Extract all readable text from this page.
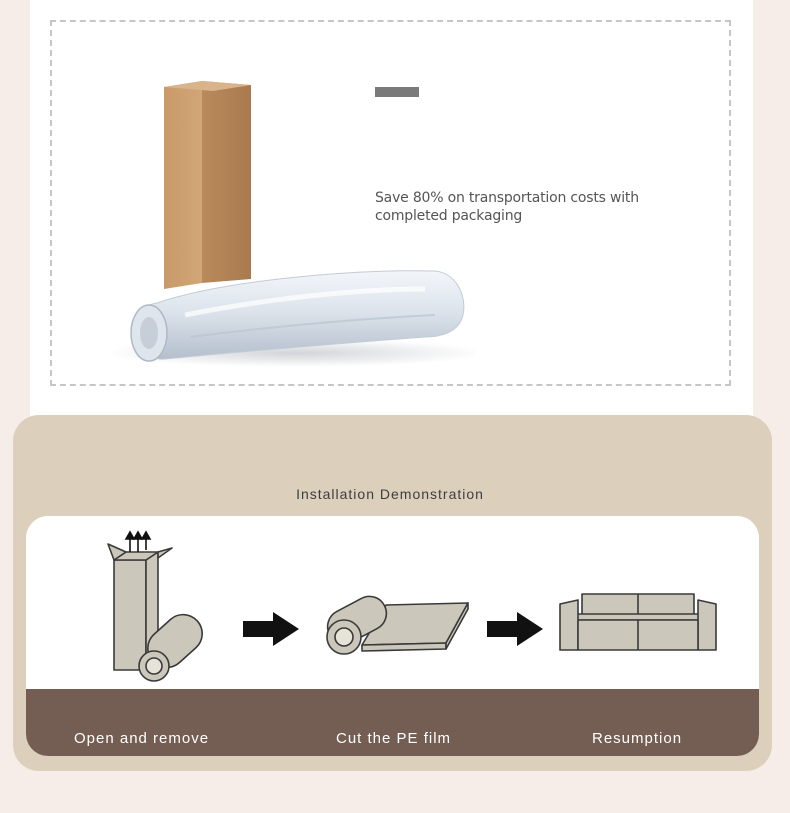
Save 80% on transportation costs with completed packaging
Installation Demonstration
Open and remove	Cut the PE film	Resumption
